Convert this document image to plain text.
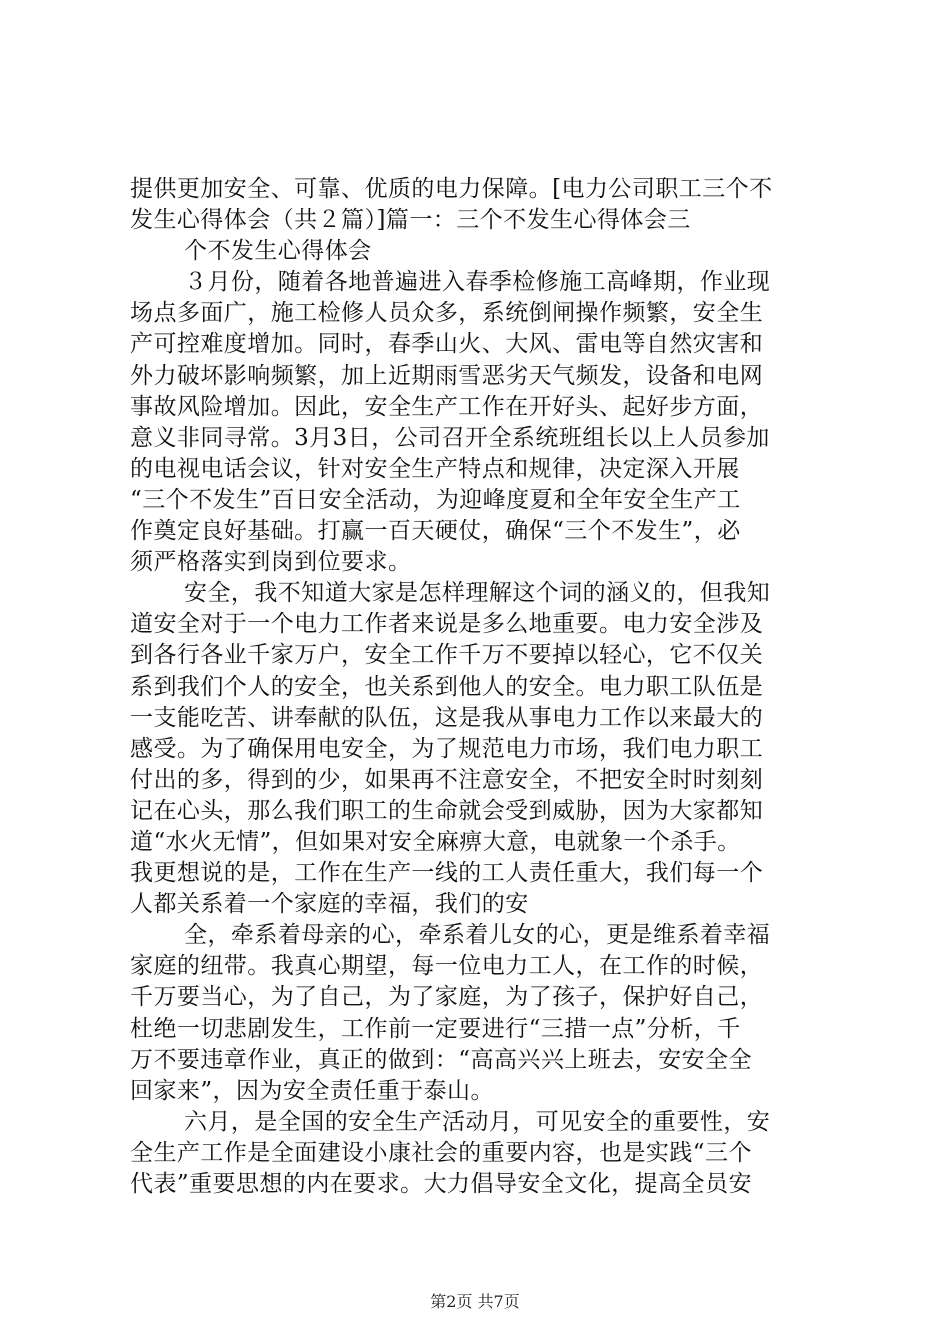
提供更加安全、可靠、优质的电力保障。[电力公司职工三个不
发生心得体会（共２篇）]篇一：三个不发生心得体会三
个不发生心得体会
３月份，随着各地普遍进入春季检修施工高峰期，作业现
场点多面广，施工检修人员众多，系统倒闸操作频繁，安全生
产可控难度增加。同时，春季山火、大风、雷电等自然灾害和
外力破坏影响频繁，加上近期雨雪恶劣天气频发，设备和电网
事故风险增加。因此，安全生产工作在开好头、起好步方面，
意义非同寻常。3月3日，公司召开全系统班组长以上人员参加
的电视电话会议，针对安全生产特点和规律，决定深入开展
“三个不发生”百日安全活动，为迎峰度夏和全年安全生产工
作奠定良好基础。打赢一百天硬仗，确保“三个不发生”，必
须严格落实到岗到位要求。
安全，我不知道大家是怎样理解这个词的涵义的，但我知
道安全对于一个电力工作者来说是多么地重要。电力安全涉及
到各行各业千家万户，安全工作千万不要掉以轻心，它不仅关
系到我们个人的安全，也关系到他人的安全。电力职工队伍是
一支能吃苦、讲奉献的队伍，这是我从事电力工作以来最大的
感受。为了确保用电安全，为了规范电力市场，我们电力职工
付出的多，得到的少，如果再不注意安全，不把安全时时刻刻
记在心头，那么我们职工的生命就会受到威胁，因为大家都知
道“水火无情”，但如果对安全麻痹大意，电就象一个杀手。
我更想说的是，工作在生产一线的工人责任重大，我们每一个
人都关系着一个家庭的幸福，我们的安
全，牵系着母亲的心，牵系着儿女的心，更是维系着幸福
家庭的纽带。我真心期望，每一位电力工人，在工作的时候，
千万要当心，为了自己，为了家庭，为了孩子，保护好自己，
杜绝一切悲剧发生，工作前一定要进行“三措一点”分析，千
万不要违章作业，真正的做到：“高高兴兴上班去，安安全全
回家来”，因为安全责任重于泰山。
六月，是全国的安全生产活动月，可见安全的重要性，安
全生产工作是全面建设小康社会的重要内容，也是实践“三个
代表”重要思想的内在要求。大力倡导安全文化，提高全员安
第2页 共7页
